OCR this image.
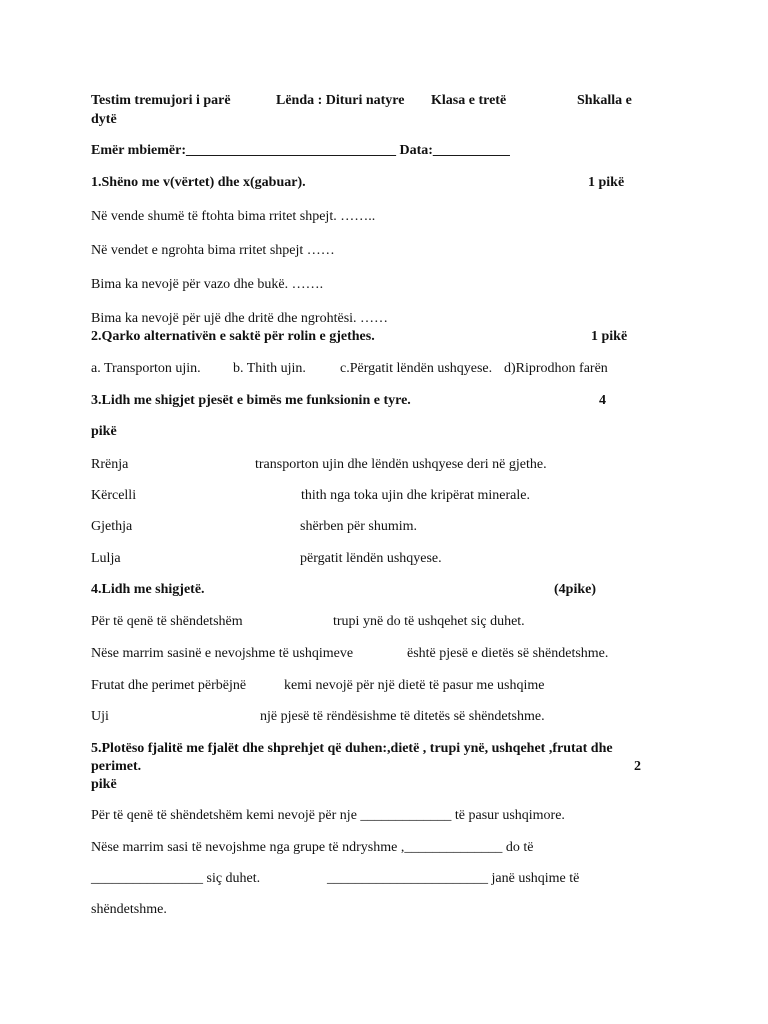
Testim tremujori i parë	Lënda : Dituri natyre Klasa e tretë	Shkalla e
dytë
Emër mbiemër:______________________________ Data:___________
1.Shëno me v(vërtet) dhe x(gabuar).	1 pikë
Në vende shumë të ftohta bima rritet shpejt. ……..
Në vendet e ngrohta bima rritet shpejt ……
Bima ka nevojë për vazo dhe bukë. …….
Bima ka nevojë për ujë dhe dritë dhe ngrohtësi. ……
2.Qarko alternativën e saktë për rolin e gjethes.	1 pikë
a. Transporton ujin. b. Thith ujin. c.Përgatit lëndën ushqyese. d)Riprodhon farën
3.Lidh me shigjet pjesët e bimës me funksionin e tyre.	4
pikë
Rrënja	transporton ujin dhe lëndën ushqyese deri në gjethe.
Kërcelli	thith nga toka ujin dhe kripërat minerale.
Gjethja	shërben për shumim.
Lulja	përgatit lëndën ushqyese.
4.Lidh me shigjetë.	(4pike)
Për të qenë të shëndetshëm	trupi ynë do të ushqehet siç duhet.
Nëse marrim sasinë e nevojshme të ushqimeve	është pjesë e dietës së shëndetshme.
Frutat dhe perimet përbëjnë	kemi nevojë për një dietë të pasur me ushqime
Uji	një pjesë të rëndësishme të ditetës së shëndetshme.
5.Plotëso fjalitë me fjalët dhe shprehjet që duhen:,dietë , trupi ynë, ushqehet ,frutat dhe
perimet.	2
pikë
Për të qenë të shëndetshëm kemi nevojë për nje _____________ të pasur ushqimore.
Nëse marrim sasi të nevojshme nga grupe të ndryshme ,______________ do të
________________ siç duhet.	_______________________ janë ushqime të
shëndetshme.
